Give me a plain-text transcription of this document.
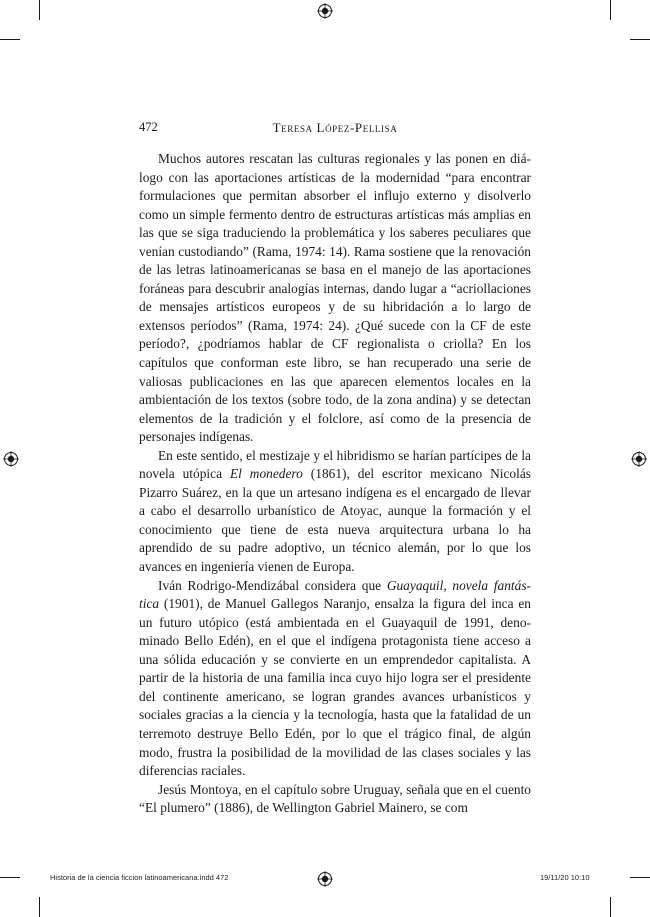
472	Teresa López-Pellisa

Muchos autores rescatan las culturas regionales y las ponen en diálogo con las aportaciones artísticas de la modernidad “para encontrar formulaciones que permitan absorber el influjo externo y disolverlo como un simple fermento dentro de estructuras artísticas más amplias en las que se siga traduciendo la problemática y los saberes peculiares que venían custodiando” (Rama, 1974: 14). Rama sostiene que la renovación de las letras latinoamericanas se basa en el manejo de las aportaciones foráneas para descubrir analogías internas, dando lugar a “acriollaciones de mensajes artísticos europeos y de su hibridación a lo largo de extensos períodos” (Rama, 1974: 24). ¿Qué sucede con la CF de este período?, ¿podríamos hablar de CF regionalista o criolla? En los capítulos que conforman este libro, se han recuperado una serie de valiosas publicaciones en las que aparecen elementos locales en la ambientación de los textos (sobre todo, de la zona andina) y se detectan elementos de la tradición y el folclore, así como de la presencia de personajes indígenas.

En este sentido, el mestizaje y el hibridismo se harían partícipes de la novela utópica El monedero (1861), del escritor mexicano Nicolás Pizarro Suárez, en la que un artesano indígena es el encargado de llevar a cabo el desarrollo urbanístico de Atoyac, aunque la formación y el conocimiento que tiene de esta nueva arquitectura urbana lo ha aprendido de su padre adoptivo, un técnico alemán, por lo que los avances en ingeniería vienen de Europa.

Iván Rodrigo-Mendizábal considera que Guayaquil, novela fantástica (1901), de Manuel Gallegos Naranjo, ensalza la figura del inca en un futuro utópico (está ambientada en el Guayaquil de 1991, denominado Bello Edén), en el que el indígena protagonista tiene acceso a una sólida educación y se convierte en un emprendedor capitalista. A partir de la historia de una familia inca cuyo hijo logra ser el presidente del continente americano, se logran grandes avances urbanísticos y sociales gracias a la ciencia y la tecnología, hasta que la fatalidad de un terremoto destruye Bello Edén, por lo que el trágico final, de algún modo, frustra la posibilidad de la movilidad de las clases sociales y las diferencias raciales.

Jesús Montoya, en el capítulo sobre Uruguay, señala que en el cuento “El plumero” (1886), de Wellington Gabriel Mainero, se com

Historia de la ciencia ficcion latinoamericana.indd 472	19/11/20 10:10
